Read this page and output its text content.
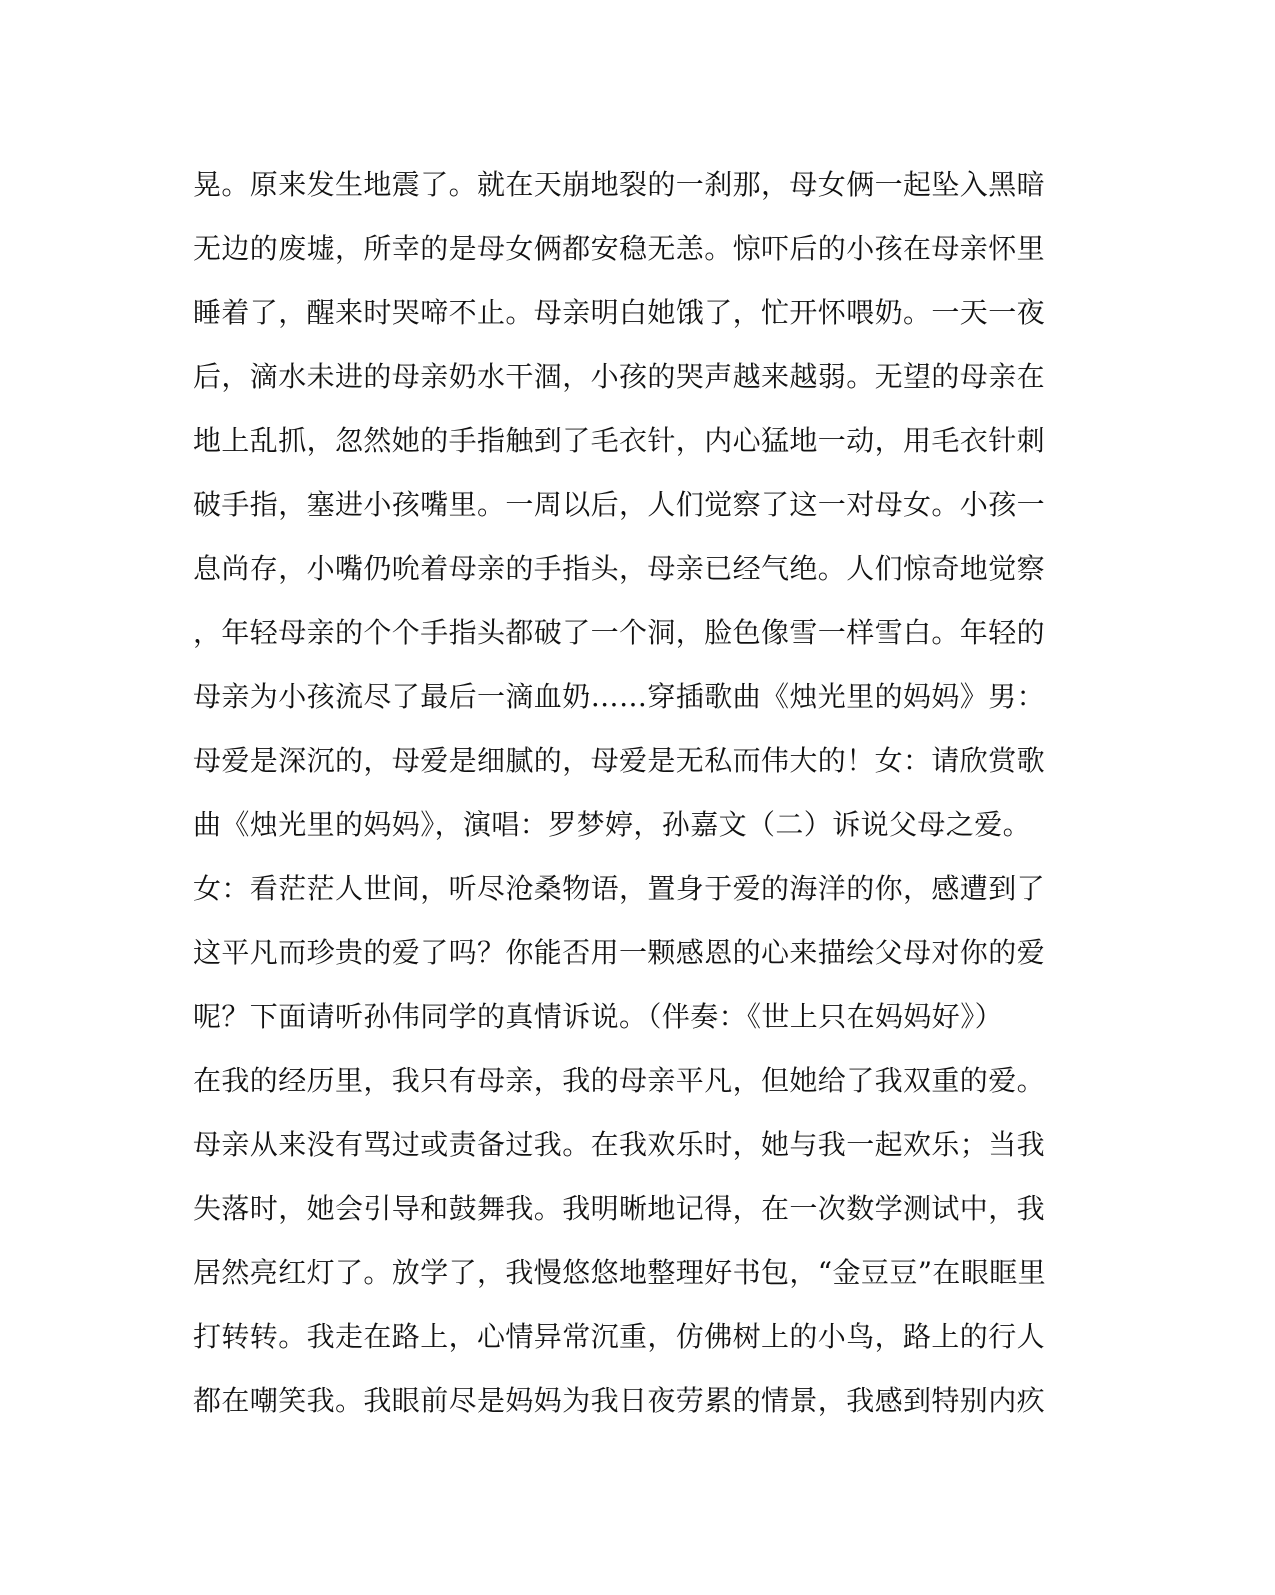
晃。原来发生地震了。就在天崩地裂的一刹那，母女俩一起坠入黑暗
无边的废墟，所幸的是母女俩都安稳无恙。惊吓后的小孩在母亲怀里
睡着了，醒来时哭啼不止。母亲明白她饿了，忙开怀喂奶。一天一夜
后，滴水未进的母亲奶水干涸，小孩的哭声越来越弱。无望的母亲在
地上乱抓，忽然她的手指触到了毛衣针，内心猛地一动，用毛衣针刺
破手指，塞进小孩嘴里。一周以后，人们觉察了这一对母女。小孩一
息尚存，小嘴仍吮着母亲的手指头，母亲已经气绝。人们惊奇地觉察
，年轻母亲的个个手指头都破了一个洞，脸色像雪一样雪白。年轻的
母亲为小孩流尽了最后一滴血奶……穿插歌曲《烛光里的妈妈》男：
母爱是深沉的，母爱是细腻的，母爱是无私而伟大的！女：请欣赏歌
曲《烛光里的妈妈》，演唱：罗梦婷，孙嘉文（二）诉说父母之爱。
女：看茫茫人世间，听尽沧桑物语，置身于爱的海洋的你，感遭到了
这平凡而珍贵的爱了吗？你能否用一颗感恩的心来描绘父母对你的爱
呢？下面请听孙伟同学的真情诉说。（伴奏：《世上只在妈妈好》）
在我的经历里，我只有母亲，我的母亲平凡，但她给了我双重的爱。
母亲从来没有骂过或责备过我。在我欢乐时，她与我一起欢乐；当我
失落时，她会引导和鼓舞我。我明晰地记得，在一次数学测试中，我
居然亮红灯了。放学了，我慢悠悠地整理好书包，“金豆豆”在眼眶里
打转转。我走在路上，心情异常沉重，仿佛树上的小鸟，路上的行人
都在嘲笑我。我眼前尽是妈妈为我日夜劳累的情景，我感到特别内疚
